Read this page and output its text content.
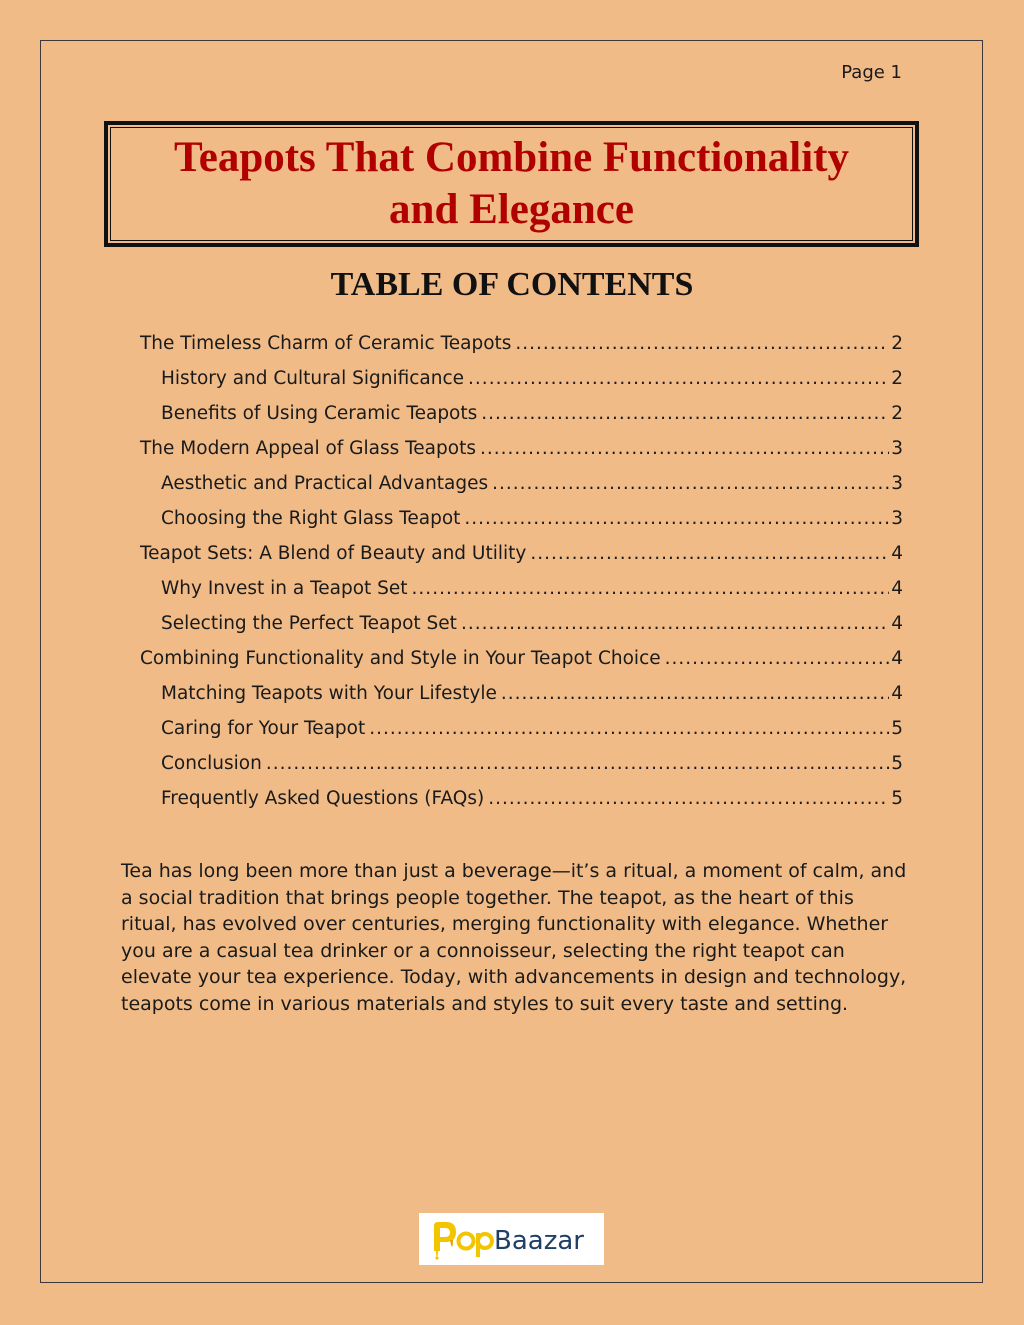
Page 1

Teapots That Combine Functionality

and Elegance

TABLE OF CONTENTS
The Timeless Charm of Ceramic Teapots .....	2
History and Cultural Significance .....	2
Benefits of Using Ceramic Teapots .....	2
The Modern Appeal of Glass Teapots .....	3
Aesthetic and Practical Advantages .....	3
Choosing the Right Glass Teapot .....	3
Teapot Sets: A Blend of Beauty and Utility .....	4
Why Invest in a Teapot Set .....	4
Selecting the Perfect Teapot Set .....	4
Combining Functionality and Style in Your Teapot Choice .....	4
Matching Teapots with Your Lifestyle .....	4
Caring for Your Teapot .....	5
Conclusion .....	5
Frequently Asked Questions (FAQs) .....	5

Tea has long been more than just a beverage—it’s a ritual, a moment of calm, and a social tradition that brings people together. The teapot, as the heart of this ritual, has evolved over centuries, merging functionality with elegance. Whether you are a casual tea drinker or a connoisseur, selecting the right teapot can elevate your tea experience. Today, with advancements in design and technology, teapots come in various materials and styles to suit every taste and setting.

Baazar
